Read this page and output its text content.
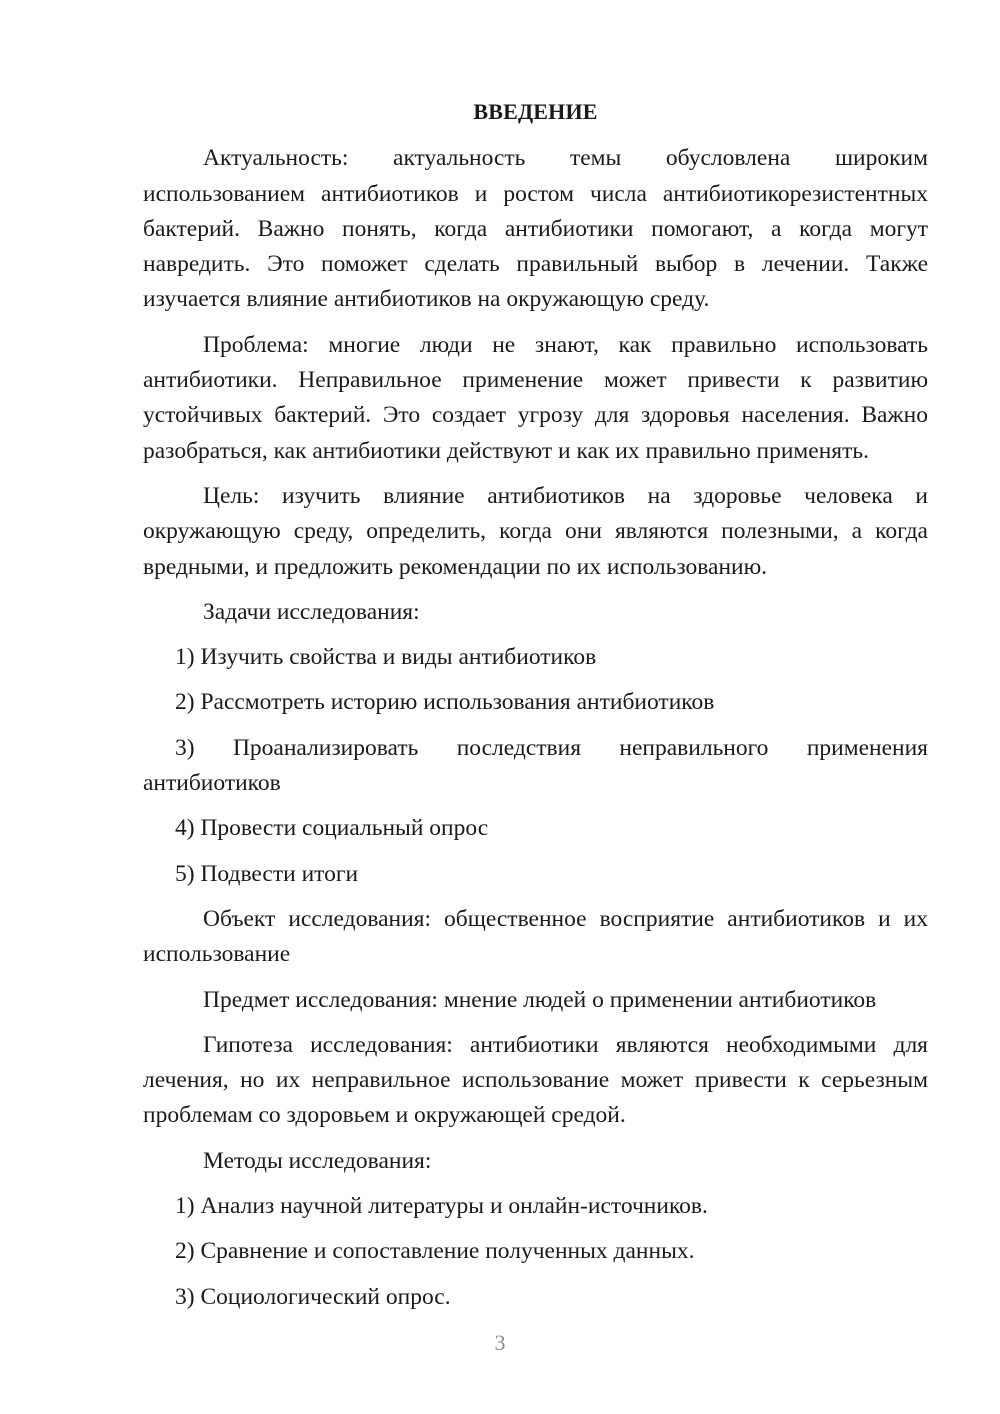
ВВЕДЕНИЕ

Актуальность: актуальность темы обусловлена широким использованием антибиотиков и ростом числа антибиотикорезистентных бактерий. Важно понять, когда антибиотики помогают, а когда могут навредить. Это поможет сделать правильный выбор в лечении. Также изучается влияние антибиотиков на окружающую среду.

Проблема: многие люди не знают, как правильно использовать антибиотики. Неправильное применение может привести к развитию устойчивых бактерий. Это создает угрозу для здоровья населения. Важно разобраться, как антибиотики действуют и как их правильно применять.

Цель: изучить влияние антибиотиков на здоровье человека и окружающую среду, определить, когда они являются полезными, а когда вредными, и предложить рекомендации по их использованию.

Задачи исследования:

1) Изучить свойства и виды антибиотиков

2) Рассмотреть историю использования антибиотиков

3) Проанализировать последствия неправильного применения антибиотиков

4) Провести социальный опрос

5) Подвести итоги

Объект исследования: общественное восприятие антибиотиков и их использование

Предмет исследования: мнение людей о применении антибиотиков

Гипотеза исследования: антибиотики являются необходимыми для лечения, но их неправильное использование может привести к серьезным проблемам со здоровьем и окружающей средой.

Методы исследования:

1) Анализ научной литературы и онлайн-источников.

2) Сравнение и сопоставление полученных данных.

3) Социологический опрос.

3
